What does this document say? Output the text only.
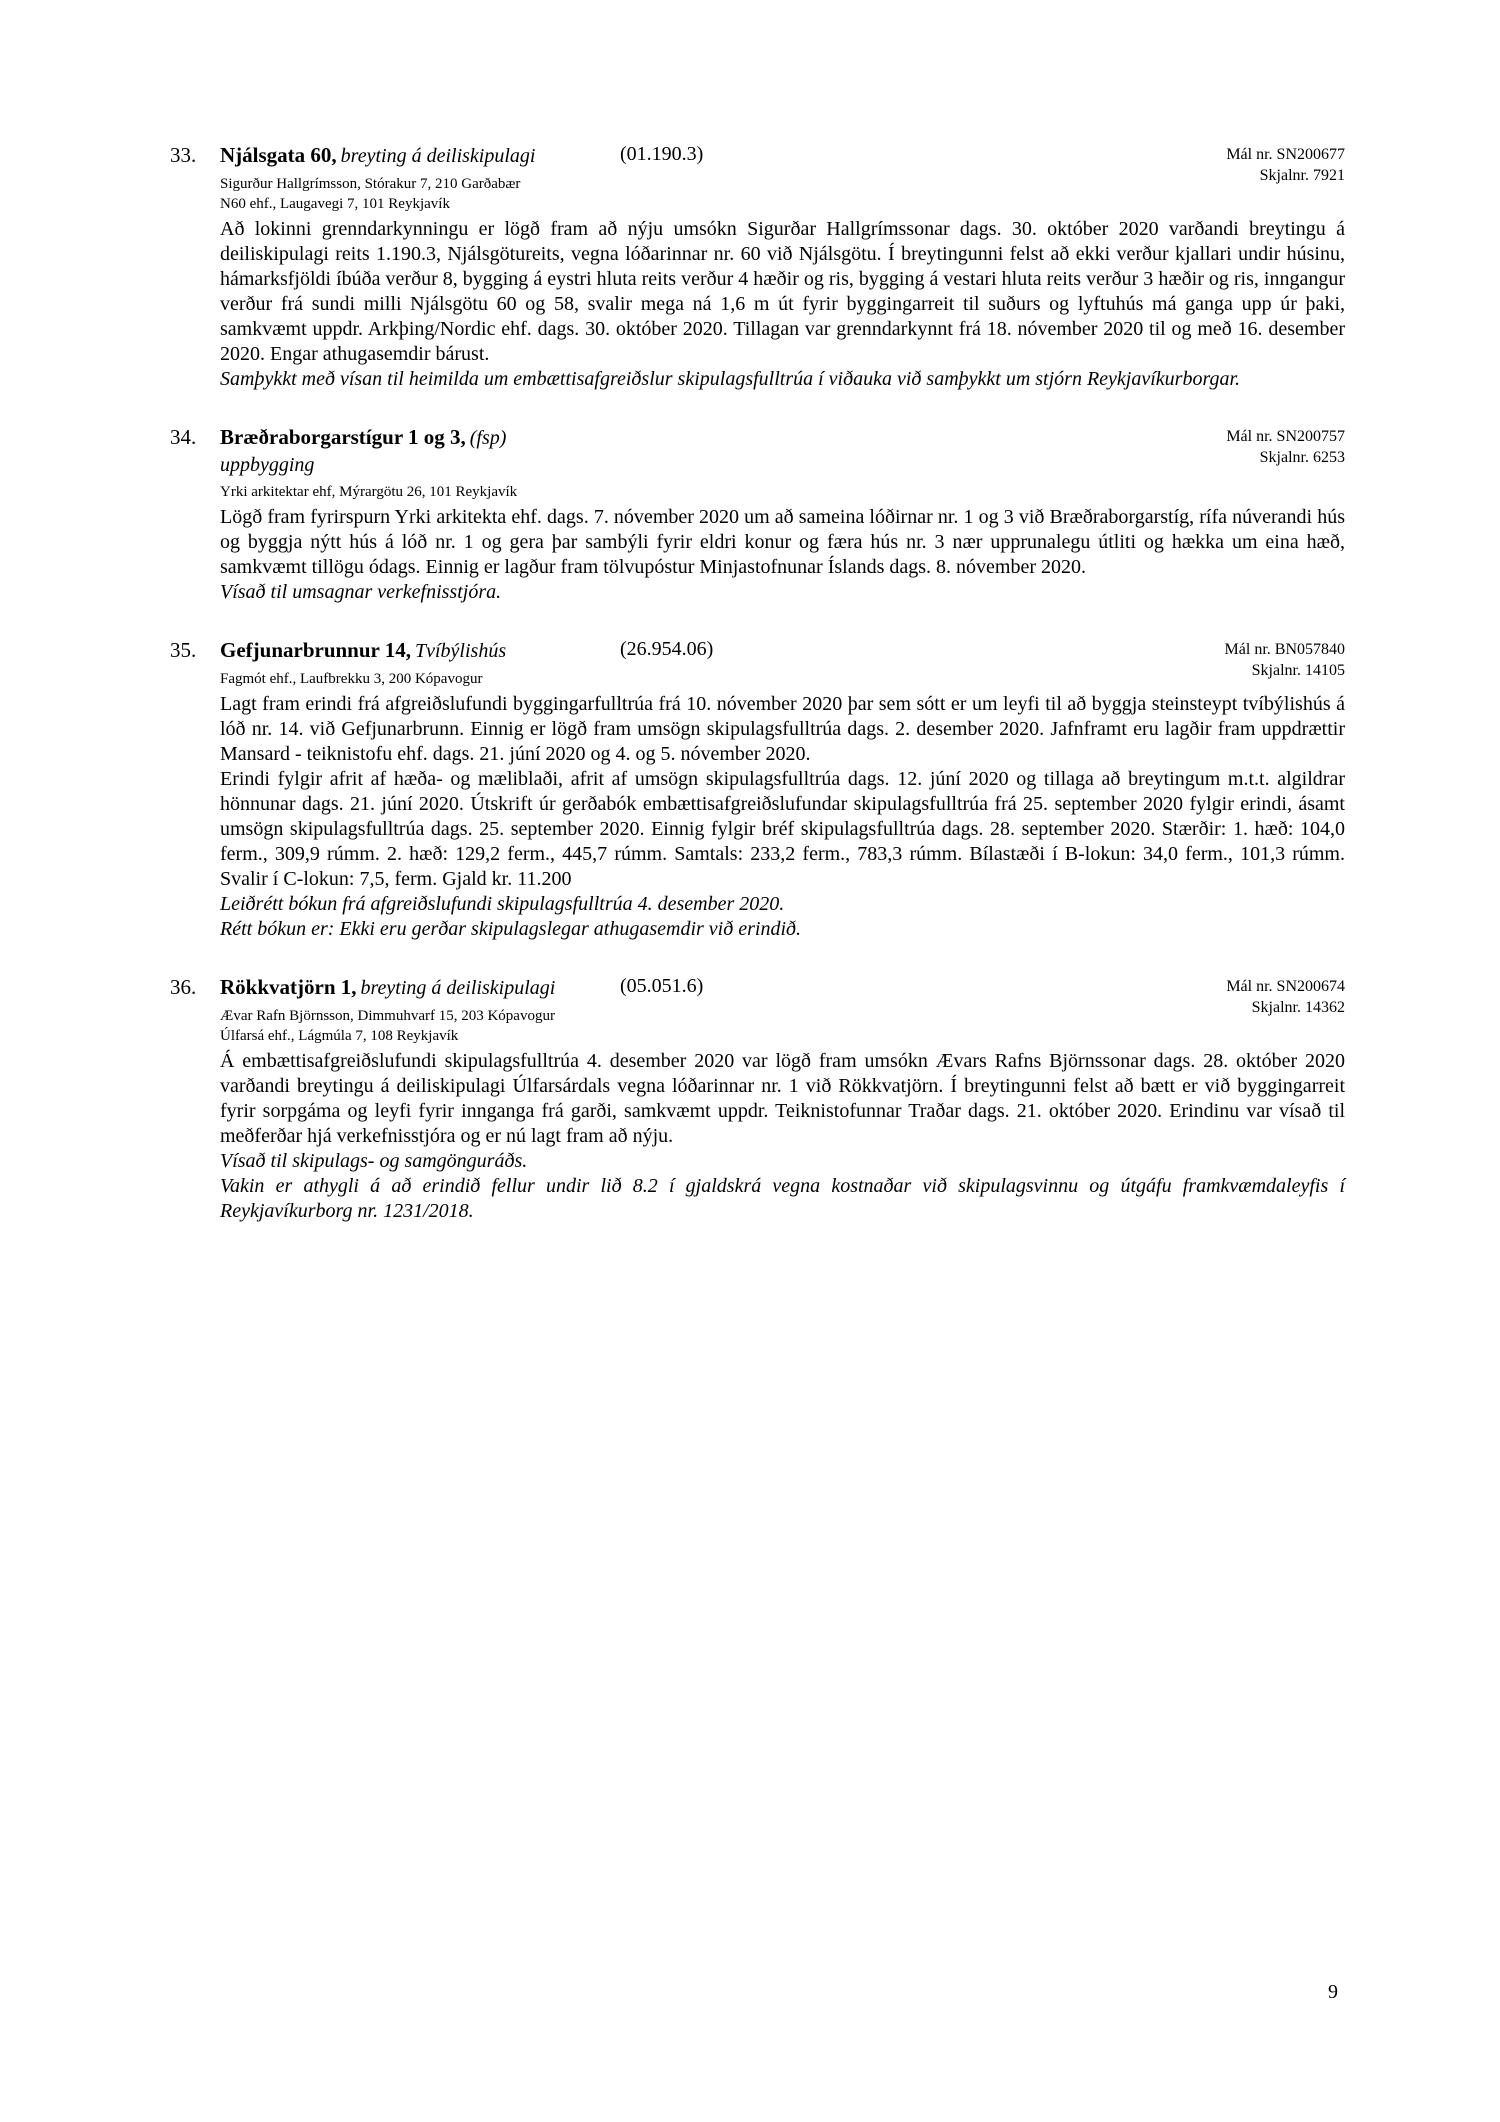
33.	Njálsgata 60, breyting á deiliskipulagi	(01.190.3)	Mál nr. SN200677
Skjalnr. 7921
Sigurður Hallgrímsson, Stórakur 7, 210 Garðabær
N60 ehf., Laugavegi 7, 101 Reykjavík

Að lokinni grenndarkynningu er lögð fram að nýju umsókn Sigurðar Hallgrímssonar dags. 30. október 2020 varðandi breytingu á deiliskipulagi reits 1.190.3, Njálsgötureits, vegna lóðarinnar nr. 60 við Njálsgötu. Í breytingunni felst að ekki verður kjallari undir húsinu, hámarksfjöldi íbúða verður 8, bygging á eystri hluta reits verður 4 hæðir og ris, bygging á vestari hluta reits verður 3 hæðir og ris, inngangur verður frá sundi milli Njálsgötu 60 og 58, svalir mega ná 1,6 m út fyrir byggingarreit til suðurs og lyftuhús má ganga upp úr þaki, samkvæmt uppdr. Arkþing/Nordic ehf. dags. 30. október 2020. Tillagan var grenndarkynnt frá 18. nóvember 2020 til og með 16. desember 2020. Engar athugasemdir bárust.

Samþykkt með vísan til heimilda um embættisafgreiðslur skipulagsfulltrúa í viðauka við samþykkt um stjórn Reykjavíkurborgar.

34.	Bræðraborgarstígur 1 og 3, (fsp)	Mál nr. SN200757
Skjalnr. 6253
uppbygging
Yrki arkitektar ehf, Mýrargötu 26, 101 Reykjavík

Lögð fram fyrirspurn Yrki arkitekta ehf. dags. 7. nóvember 2020 um að sameina lóðirnar nr. 1 og 3 við Bræðraborgarstíg, rífa núverandi hús og byggja nýtt hús á lóð nr. 1 og gera þar sambýli fyrir eldri konur og færa hús nr. 3 nær upprunalegu útliti og hækka um eina hæð, samkvæmt tillögu ódags. Einnig er lagður fram tölvupóstur Minjastofnunar Íslands dags. 8. nóvember 2020.

Vísað til umsagnar verkefnisstjóra.

35.	Gefjunarbrunnur 14, Tvíbýlishús	(26.954.06)	Mál nr. BN057840
Skjalnr. 14105
Fagmót ehf., Laufbrekku 3, 200 Kópavogur

Lagt fram erindi frá afgreiðslufundi byggingarfulltrúa frá 10. nóvember 2020 þar sem sótt er um leyfi til að byggja steinsteypt tvíbýlishús á lóð nr. 14. við Gefjunarbrunn. Einnig er lögð fram umsögn skipulagsfulltrúa dags. 2. desember 2020. Jafnframt eru lagðir fram uppdrættir Mansard - teiknistofu ehf. dags. 21. júní 2020 og 4. og 5. nóvember 2020.

Erindi fylgir afrit af hæða- og mæliblaði, afrit af umsögn skipulagsfulltrúa dags. 12. júní 2020 og tillaga að breytingum m.t.t. algildrar hönnunar dags. 21. júní 2020. Útskrift úr gerðabók embættisafgreiðslufundar skipulagsfulltrúa frá 25. september 2020 fylgir erindi, ásamt umsögn skipulagsfulltrúa dags. 25. september 2020. Einnig fylgir bréf skipulagsfulltrúa dags. 28. september 2020. Stærðir: 1. hæð: 104,0 ferm., 309,9 rúmm. 2. hæð: 129,2 ferm., 445,7 rúmm. Samtals: 233,2 ferm., 783,3 rúmm. Bílastæði í B-lokun: 34,0 ferm., 101,3 rúmm. Svalir í C-lokun: 7,5, ferm. Gjald kr. 11.200

Leiðrétt bókun frá afgreiðslufundi skipulagsfulltrúa 4. desember 2020.

Rétt bókun er: Ekki eru gerðar skipulagslegar athugasemdir við erindið.

36.	Rökkvatjörn 1, breyting á deiliskipulagi	(05.051.6)	Mál nr. SN200674
Skjalnr. 14362
Ævar Rafn Björnsson, Dimmuhvarf 15, 203 Kópavogur
Úlfarsá ehf., Lágmúla 7, 108 Reykjavík

Á embættisafgreiðslufundi skipulagsfulltrúa 4. desember 2020 var lögð fram umsókn Ævars Rafns Björnssonar dags. 28. október 2020 varðandi breytingu á deiliskipulagi Úlfarsárdals vegna lóðarinnar nr. 1 við Rökkvatjörn. Í breytingunni felst að bætt er við byggingarreit fyrir sorpgáma og leyfi fyrir innganga frá garði, samkvæmt uppdr. Teiknistofunnar Traðar dags. 21. október 2020. Erindinu var vísað til meðferðar hjá verkefnisstjóra og er nú lagt fram að nýju.

Vísað til skipulags- og samgönguráðs.

Vakin er athygli á að erindið fellur undir lið 8.2 í gjaldskrá vegna kostnaðar við skipulagsvinnu og útgáfu framkvæmdaleyfis í Reykjavíkurborg nr. 1231/2018.

9
